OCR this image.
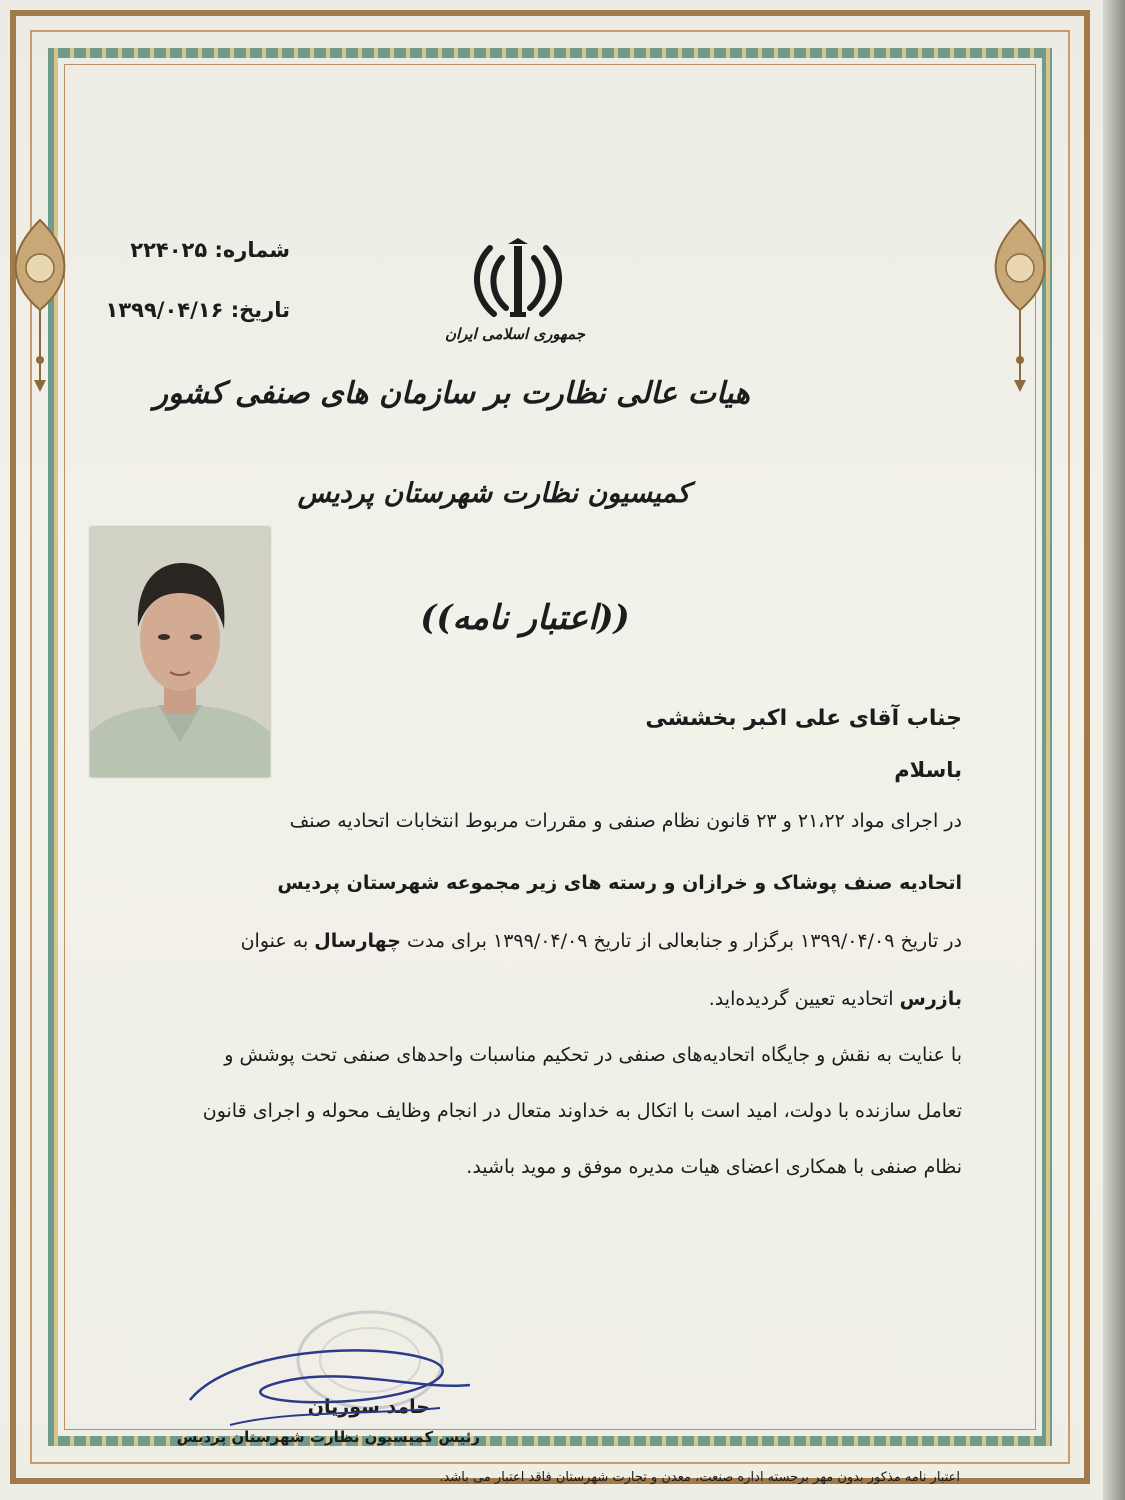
شماره: ۲۲۴۰۲۵
تاریخ: ۱۳۹۹/۰۴/۱۶
جمهوری اسلامی ایران
هیات عالی نظارت بر سازمان های صنفی کشور
کمیسیون نظارت شهرستان پردیس
((اعتبار نامه))
جناب آقای علی اکبر بخششی
باسلام
در اجرای مواد ۲۱،۲۲ و ۲۳ قانون نظام صنفی و مقررات مربوط انتخابات اتحادیه صنف
اتحادیه صنف پوشاک و خرازان و رسته های زیر مجموعه شهرستان پردیس
در تاریخ ۱۳۹۹/۰۴/۰۹ برگزار و جنابعالی از تاریخ ۱۳۹۹/۰۴/۰۹ برای مدت چهارسال به عنوان
بازرس اتحادیه تعیین گردیده‌اید.
با عنایت به نقش و جایگاه اتحادیه‌های صنفی در تحکیم مناسبات واحدهای صنفی تحت پوشش و
تعامل سازنده با دولت، امید است با اتکال به خداوند متعال در انجام وظایف محوله و اجرای قانون
نظام صنفی با همکاری اعضای هیات مدیره موفق و موید باشید.
حامد سوریان
رئیس کمیسیون نظارت شهرستان پردیس
اعتبار نامه مذکور بدون مهر برجسته اداره صنعت، معدن و تجارت شهرستان فاقد اعتبار می باشد.
